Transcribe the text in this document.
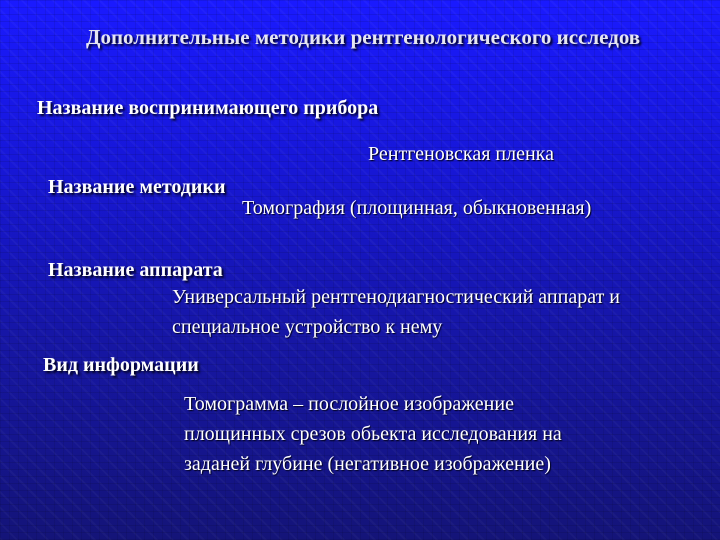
Дополнительные методики рентгенологического исследов
Название воспринимающего прибора
Рентгеновская пленка
Название методики
Томография (площинная, обыкновенная)
Название аппарата
Универсальный рентгенодиагностический аппарат и
специальное устройство к нему
Вид информации
Томограмма – послойное изображение
площинных срезов обьекта исследования на
заданей глубине (негативное изображение)
